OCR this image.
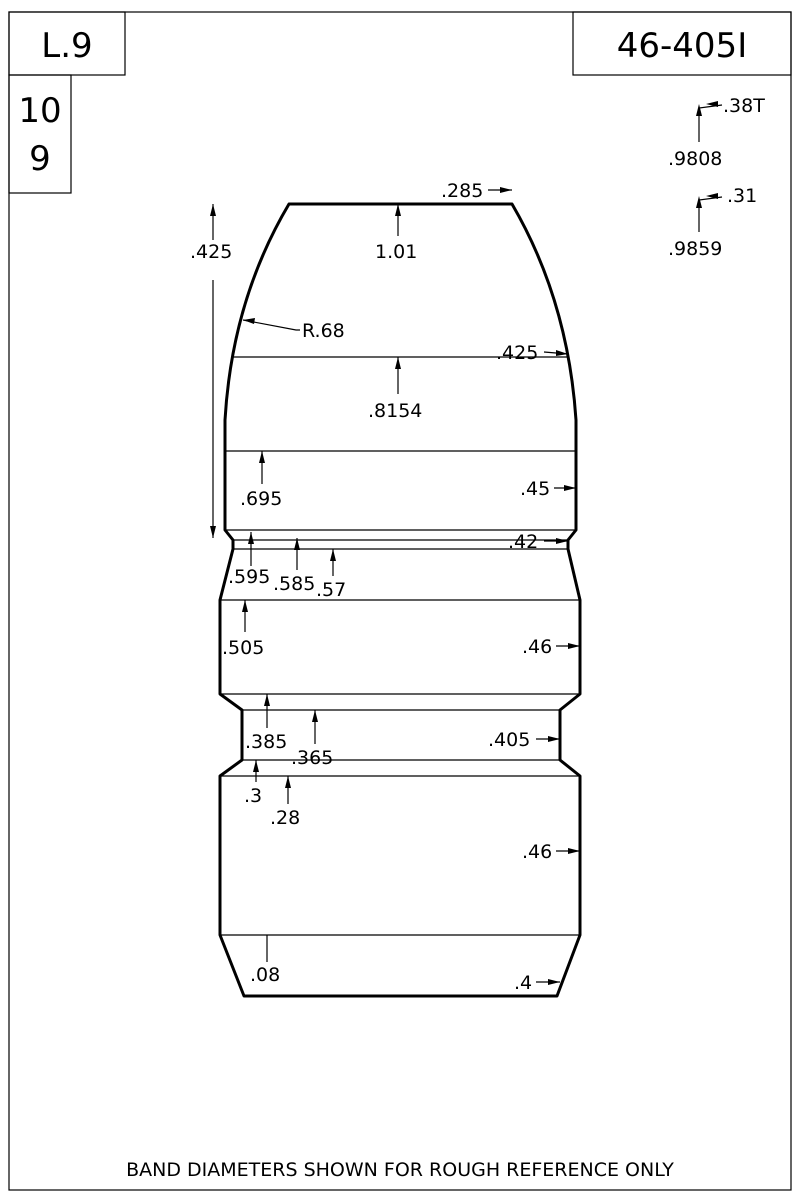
L.9	46-405I
10
9
.38T
.9808
.31
.9859
.425
.285
1.01
R.68
.425
.8154
.695	.45
.42
.595 .585 .57
.505	.46
.385
.365
.405
.3
.28
.46
.08	.4
BAND DIAMETERS SHOWN FOR ROUGH REFERENCE ONLY
